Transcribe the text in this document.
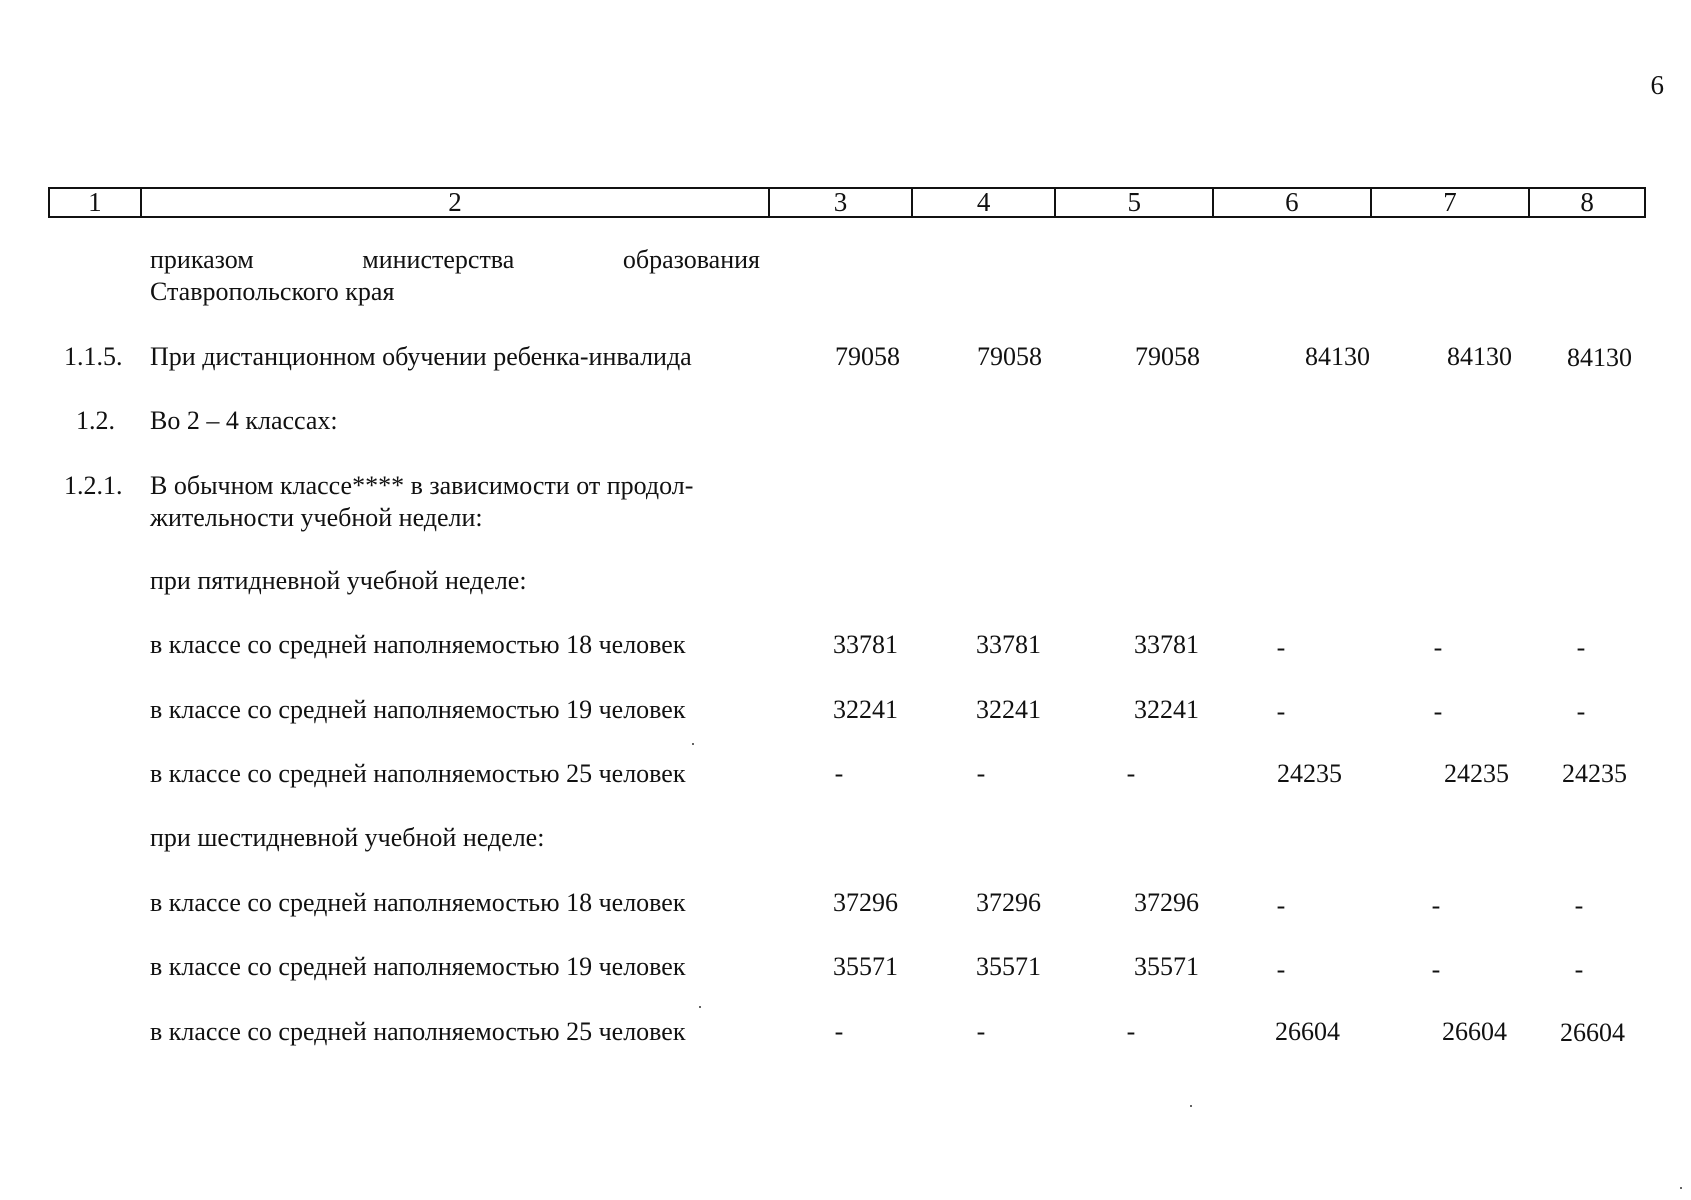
6
1	2	3	4	5	6	7	8
приказом	министерства	образования
Ставропольского края
1.1.5. При дистанционном обучении ребенка-инвалида	79058	79058	79058	84130	84130	84130
1.2. Во 2 – 4 классах:
1.2.1. В обычном классе**** в зависимости от продол-
жительности учебной недели:
при пятидневной учебной неделе:
в классе со средней наполняемостью 18 человек	33781	33781	33781	-	-	-
в классе со средней наполняемостью 19 человек	32241	32241	32241	-	-	-
в классе со средней наполняемостью 25 человек	-	-	-	24235	24235	24235
при шестидневной учебной неделе:
в классе со средней наполняемостью 18 человек	37296	37296	37296	-	-	-
в классе со средней наполняемостью 19 человек	35571	35571	35571	-	-	-
в классе со средней наполняемостью 25 человек	-	-	-	26604	26604	26604
